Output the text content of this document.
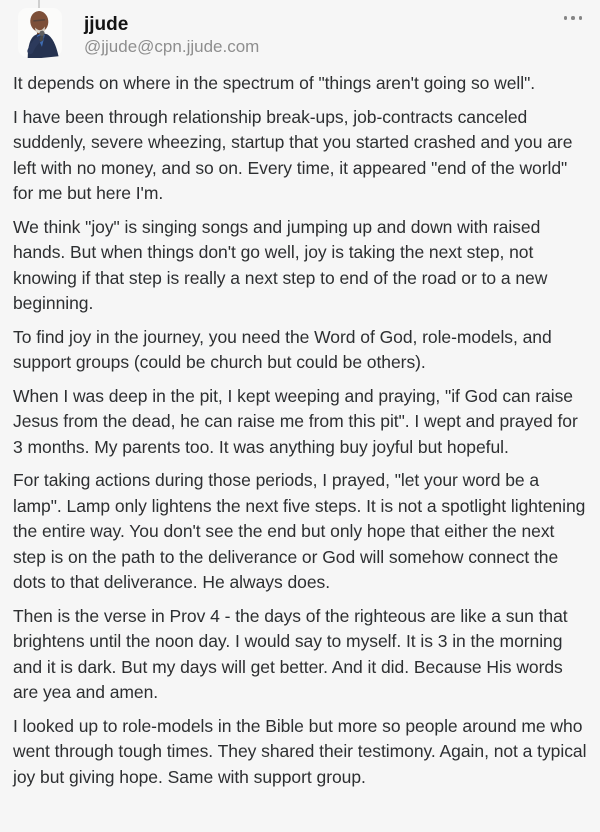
jjude
@jjude@cpn.jjude.com

It depends on where in the spectrum of "things aren't going so well".

I have been through relationship break-ups, job-contracts canceled suddenly, severe wheezing, startup that you started crashed and you are left with no money, and so on. Every time, it appeared "end of the world" for me but here I'm.

We think "joy" is singing songs and jumping up and down with raised hands. But when things don't go well, joy is taking the next step, not knowing if that step is really a next step to end of the road or to a new beginning.

To find joy in the journey, you need the Word of God, role-models, and support groups (could be church but could be others).

When I was deep in the pit, I kept weeping and praying, "if God can raise Jesus from the dead, he can raise me from this pit". I wept and prayed for 3 months. My parents too. It was anything buy joyful but hopeful.

For taking actions during those periods, I prayed, "let your word be a lamp". Lamp only lightens the next five steps. It is not a spotlight lightening the entire way. You don't see the end but only hope that either the next step is on the path to the deliverance or God will somehow connect the dots to that deliverance. He always does.

Then is the verse in Prov 4 - the days of the righteous are like a sun that brightens until the noon day. I would say to myself. It is 3 in the morning and it is dark. But my days will get better. And it did. Because His words are yea and amen.

I looked up to role-models in the Bible but more so people around me who went through tough times. They shared their testimony. Again, not a typical joy but giving hope. Same with support group.
